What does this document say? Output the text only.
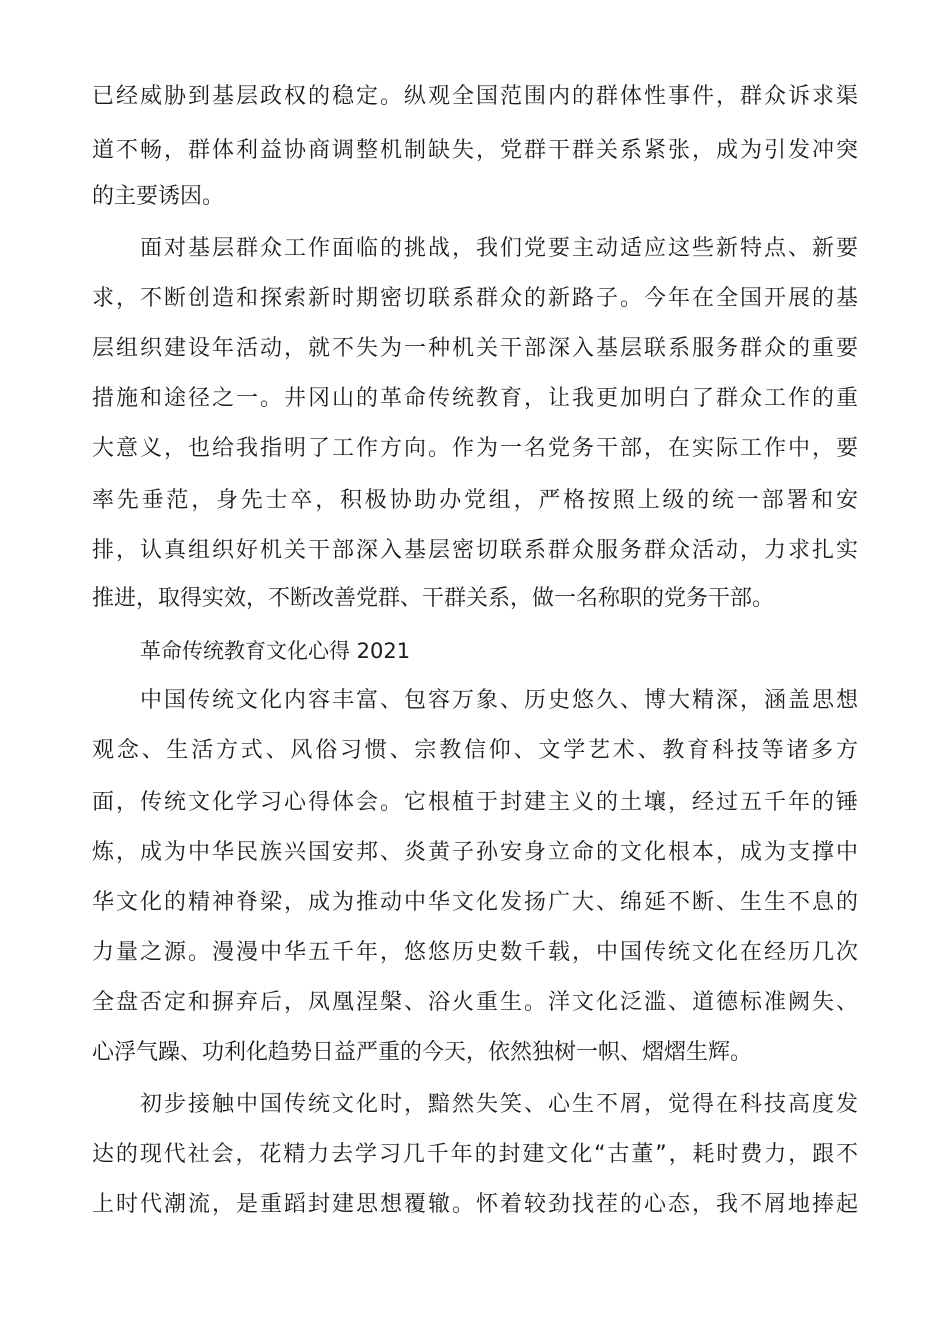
已经威胁到基层政权的稳定。纵观全国范围内的群体性事件，群众诉求渠
道不畅，群体利益协商调整机制缺失，党群干群关系紧张，成为引发冲突
的主要诱因。
面对基层群众工作面临的挑战，我们党要主动适应这些新特点、新要
求，不断创造和探索新时期密切联系群众的新路子。今年在全国开展的基
层组织建设年活动，就不失为一种机关干部深入基层联系服务群众的重要
措施和途径之一。井冈山的革命传统教育，让我更加明白了群众工作的重
大意义，也给我指明了工作方向。作为一名党务干部，在实际工作中，要
率先垂范，身先士卒，积极协助办党组，严格按照上级的统一部署和安
排，认真组织好机关干部深入基层密切联系群众服务群众活动，力求扎实
推进，取得实效，不断改善党群、干群关系，做一名称职的党务干部。
革命传统教育文化心得 2021
中国传统文化内容丰富、包容万象、历史悠久、博大精深，涵盖思想
观念、生活方式、风俗习惯、宗教信仰、文学艺术、教育科技等诸多方
面，传统文化学习心得体会。它根植于封建主义的土壤，经过五千年的锤
炼，成为中华民族兴国安邦、炎黄子孙安身立命的文化根本，成为支撑中
华文化的精神脊梁，成为推动中华文化发扬广大、绵延不断、生生不息的
力量之源。漫漫中华五千年，悠悠历史数千载，中国传统文化在经历几次
全盘否定和摒弃后，凤凰涅槃、浴火重生。洋文化泛滥、道德标准阙失、
心浮气躁、功利化趋势日益严重的今天，依然独树一帜、熠熠生辉。
初步接触中国传统文化时，黯然失笑、心生不屑，觉得在科技高度发
达的现代社会，花精力去学习几千年的封建文化“古董”，耗时费力，跟不
上时代潮流，是重蹈封建思想覆辙。怀着较劲找茬的心态，我不屑地捧起
